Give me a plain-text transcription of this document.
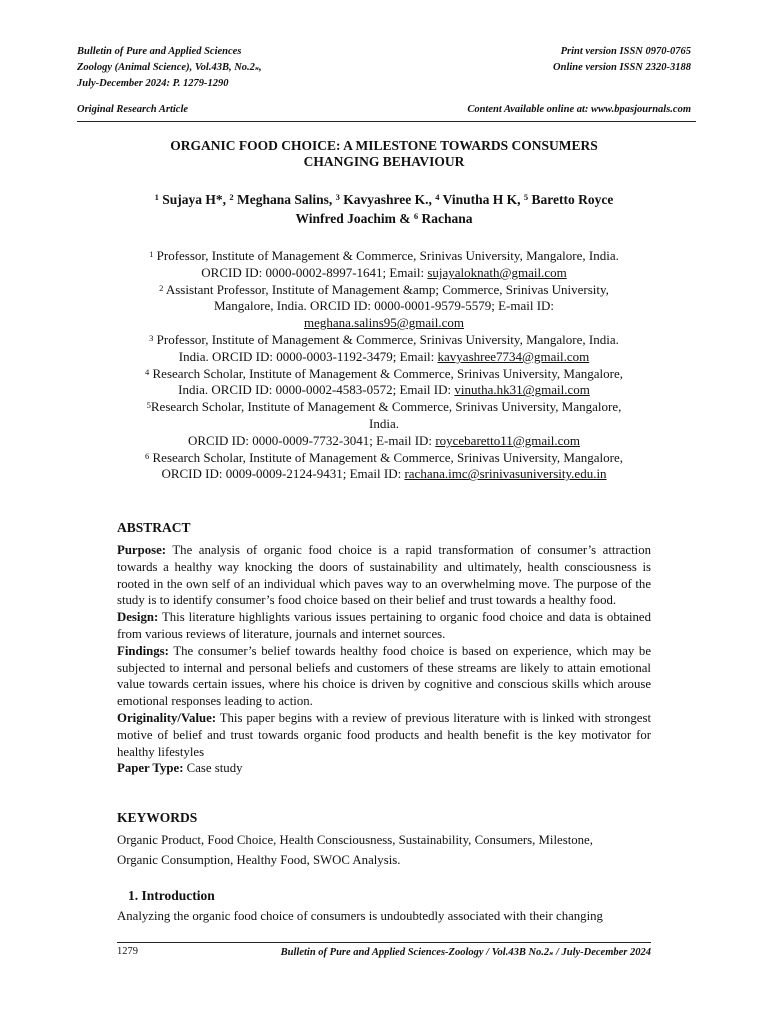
Bulletin of Pure and Applied Sciences
Zoology (Animal Science), Vol.43B, No.2ₛ,
July-December 2024: P. 1279-1290
Print version ISSN 0970-0765
Online version ISSN 2320-3188
Original Research Article	Content Available online at: www.bpasjournals.com
ORGANIC FOOD CHOICE: A MILESTONE TOWARDS CONSUMERS
CHANGING BEHAVIOUR
$^1$ Sujaya H*, $^2$ Meghana Salins, $^3$ Kavyashree K., $^4$ Vinutha H K, $^5$ Baretto Royce
Winfred Joachim & $^6$ Rachana
$^1$ Professor, Institute of Management & Commerce, Srinivas University, Mangalore, India.
ORCID ID: 0000-0002-8997-1641; Email: sujayaloknath@gmail.com
$^2$ Assistant Professor, Institute of Management &amp; Commerce, Srinivas University,
Mangalore, India. ORCID ID: 0000-0001-9579-5579; E-mail ID:
meghana.salins95@gmail.com
$^3$ Professor, Institute of Management & Commerce, Srinivas University, Mangalore, India.
India. ORCID ID: 0000-0003-1192-3479; Email: kavyashree7734@gmail.com
$^4$ Research Scholar, Institute of Management & Commerce, Srinivas University, Mangalore,
India. ORCID ID: 0000-0002-4583-0572; Email ID: vinutha.hk31@gmail.com
$^5$Research Scholar, Institute of Management & Commerce, Srinivas University, Mangalore,
India.
ORCID ID: 0000-0009-7732-3041; E-mail ID: roycebaretto11@gmail.com
$^6$ Research Scholar, Institute of Management & Commerce, Srinivas University, Mangalore,
ORCID ID: 0009-0009-2124-9431; Email ID: rachana.imc@srinivasuniversity.edu.in
ABSTRACT

Purpose: The analysis of organic food choice is a rapid transformation of consumer’s attraction towards a healthy way knocking the doors of sustainability and ultimately, health consciousness is rooted in the own self of an individual which paves way to an overwhelming move. The purpose of the study is to identify consumer’s food choice based on their belief and trust towards a healthy food.

Design: This literature highlights various issues pertaining to organic food choice and data is obtained from various reviews of literature, journals and internet sources.

Findings: The consumer’s belief towards healthy food choice is based on experience, which may be subjected to internal and personal beliefs and customers of these streams are likely to attain emotional value towards certain issues, where his choice is driven by cognitive and conscious skills which arouse emotional responses leading to action.

Originality/Value: This paper begins with a review of previous literature with is linked with strongest motive of belief and trust towards organic food products and health benefit is the key motivator for healthy lifestyles

Paper Type: Case study

KEYWORDS
Organic Product, Food Choice, Health Consciousness, Sustainability, Consumers, Milestone,
Organic Consumption, Healthy Food, SWOC Analysis.
1. Introduction
Analyzing the organic food choice of consumers is undoubtedly associated with their changing
1279	Bulletin of Pure and Applied Sciences-Zoology / Vol.43B No.2ₛ / July-December 2024
